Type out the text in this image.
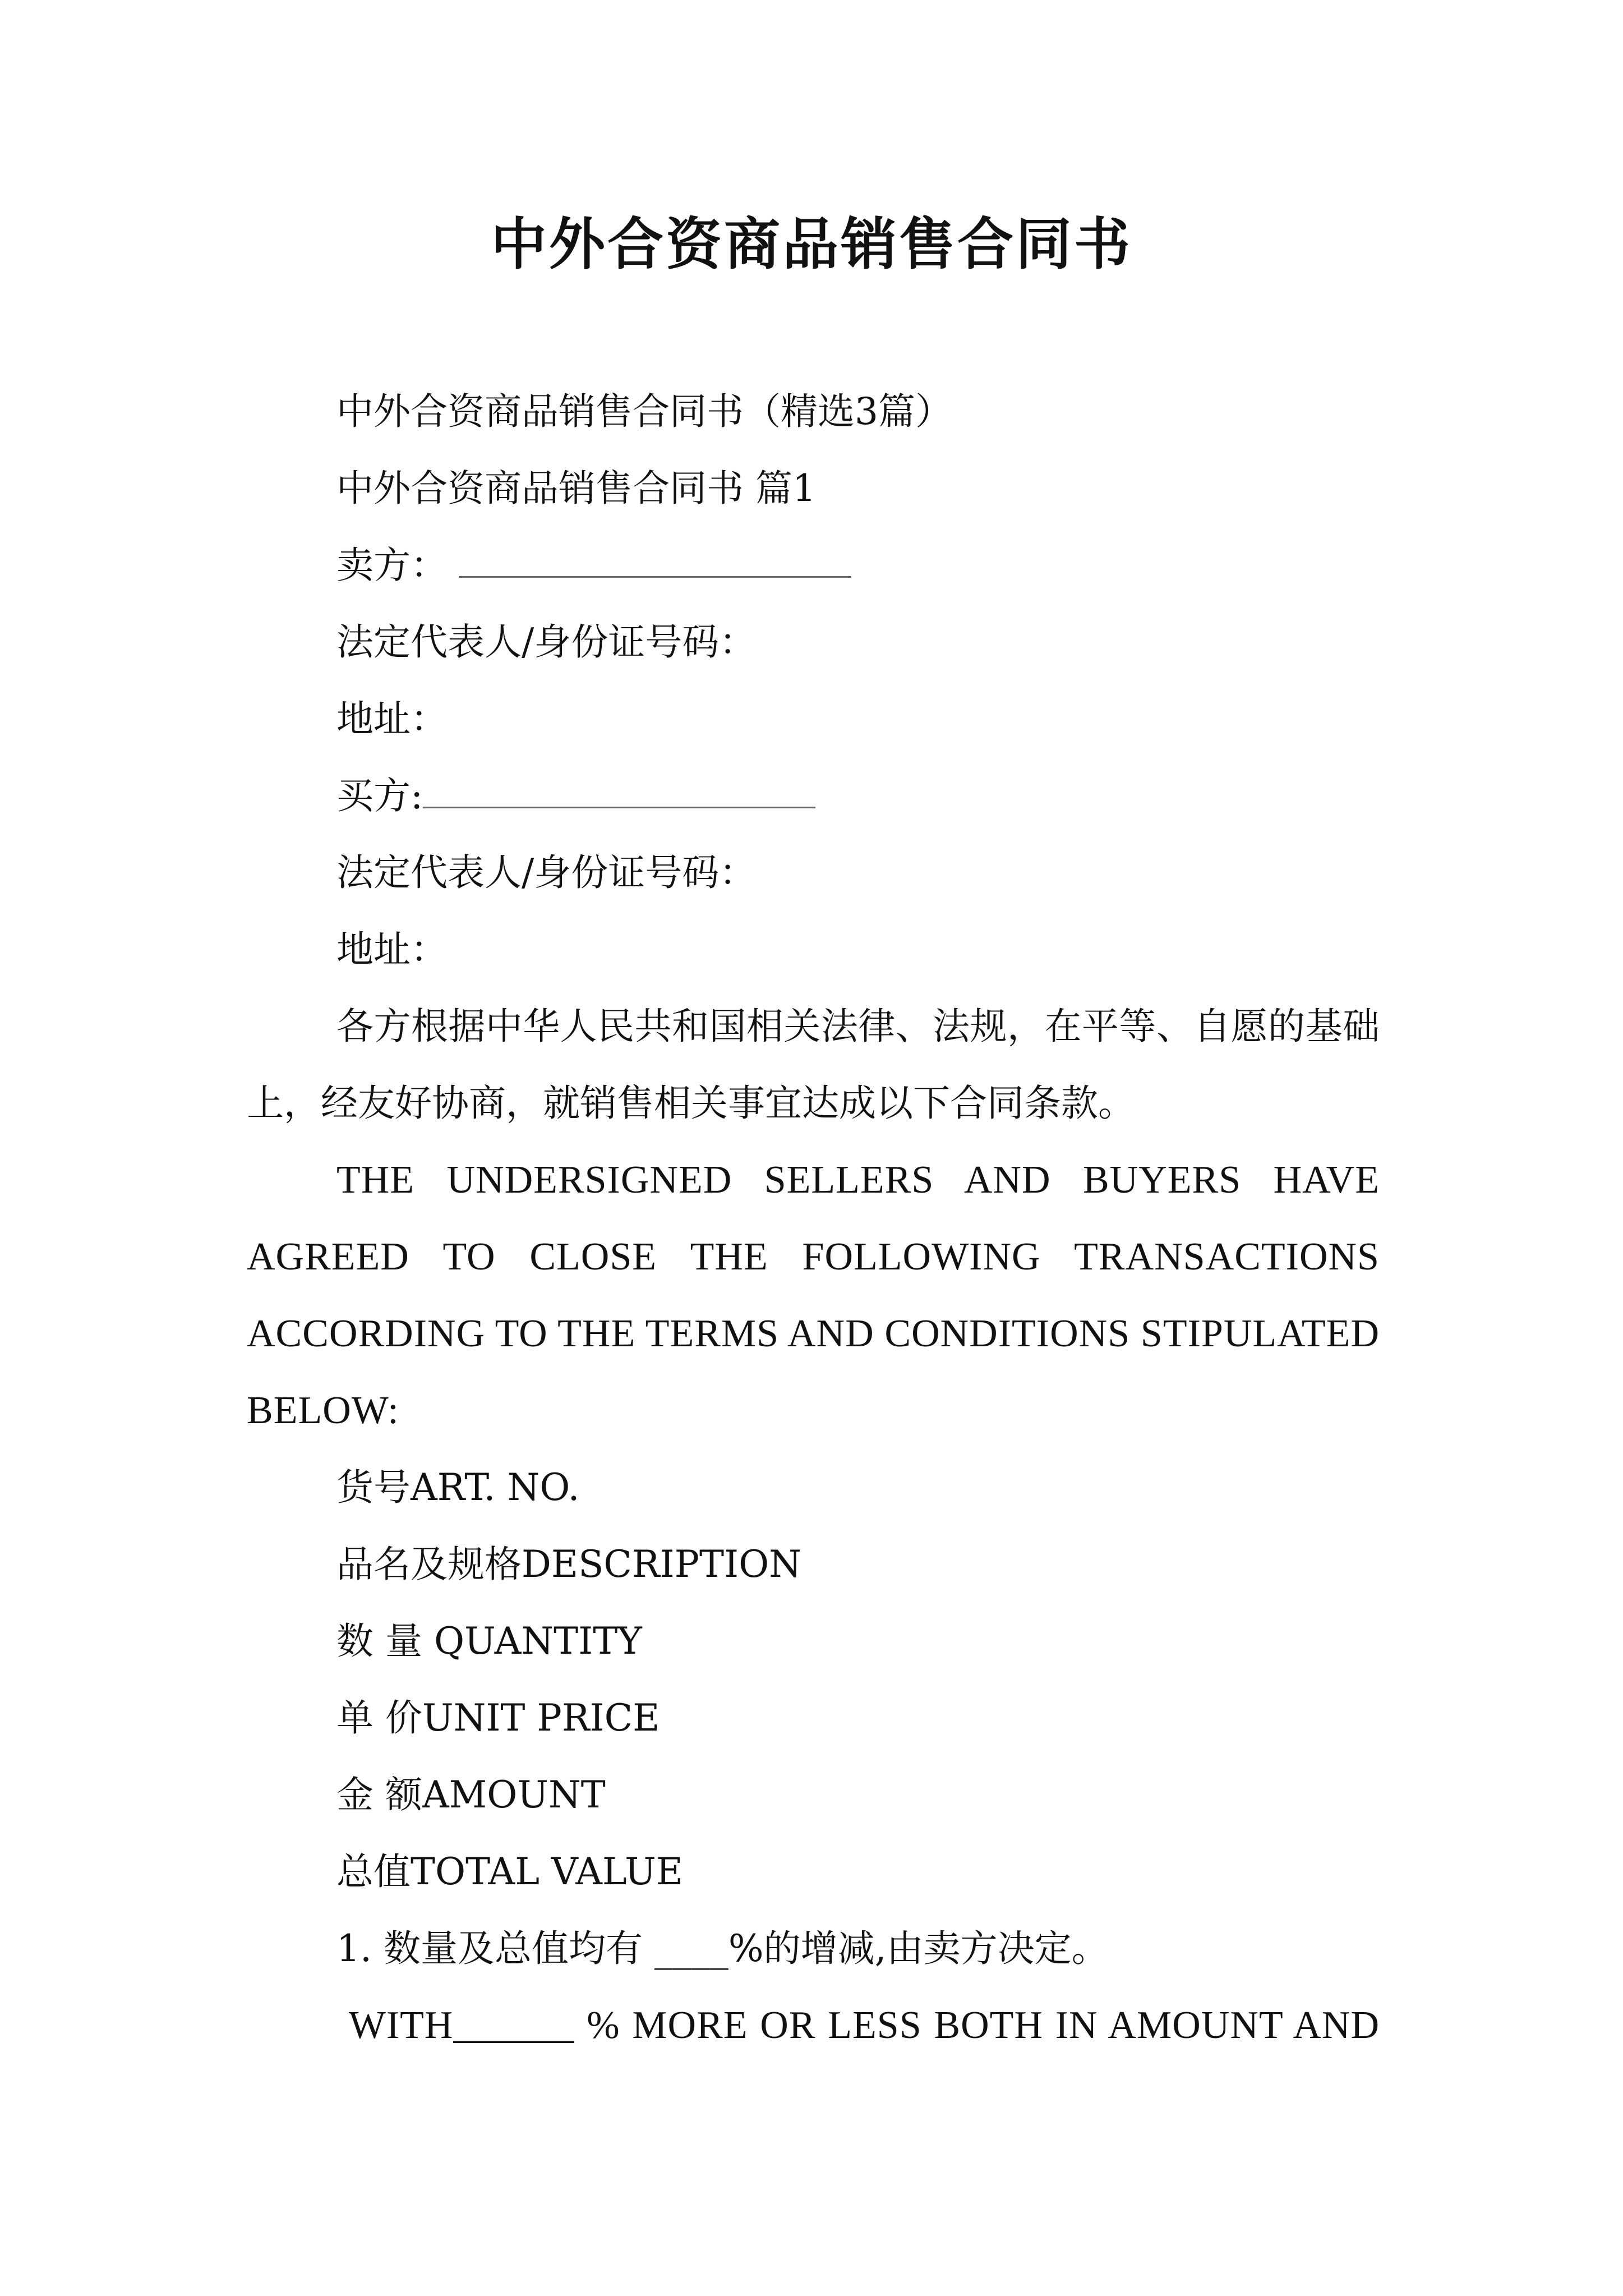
中外合资商品销售合同书

中外合资商品销售合同书（精选3篇）

中外合资商品销售合同书 篇1

卖方：

法定代表人/身份证号码：

地址：

买方:

法定代表人/身份证号码：

地址：

各方根据中华人民共和国相关法律、法规，在平等、自愿的基础上，经友好协商，就销售相关事宜达成以下合同条款。

THE UNDERSIGNED SELLERS AND BUYERS HAVE AGREED TO CLOSE THE FOLLOWING TRANSACTIONS ACCORDING TO THE TERMS AND CONDITIONS STIPULATED BELOW:

货号ART. NO.

品名及规格DESCRIPTION

数 量 QUANTITY

单 价UNIT PRICE

金 额AMOUNT

总值TOTAL VALUE

1. 数量及总值均有 ____%的增减,由卖方决定。

WITH______ % MORE OR LESS BOTH IN AMOUNT AND
